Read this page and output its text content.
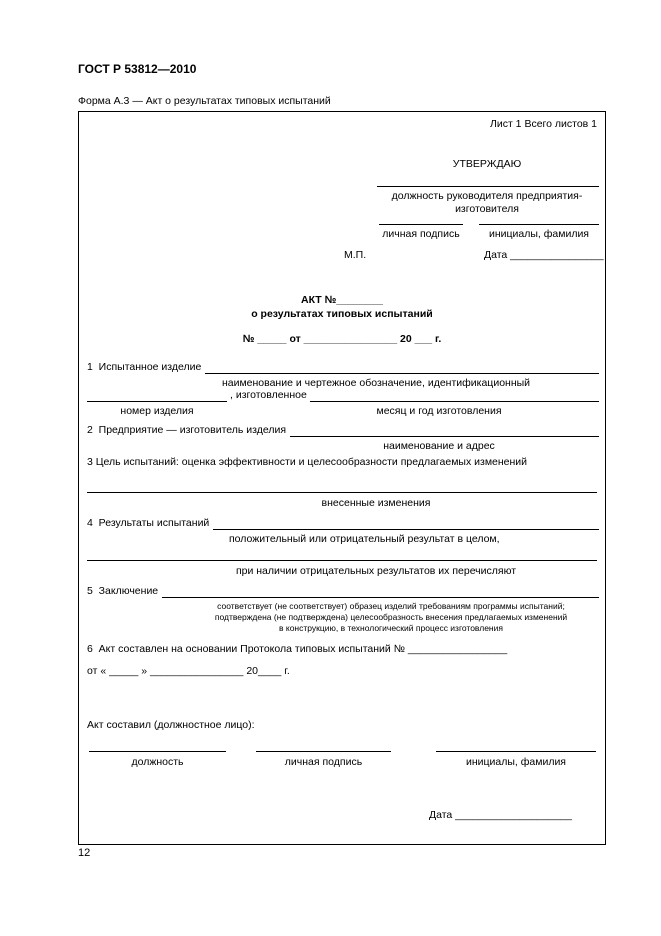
ГОСТ Р 53812—2010
Форма А.3 — Акт о результатах типовых испытаний
Лист 1 Всего листов 1
УТВЕРЖДАЮ
должность руководителя предприятия-изготовителя
личная подпись	инициалы, фамилия
М.П.	Дата ________________
АКТ №________
о результатах типовых испытаний
№ _____ от ________________ 20 ___ г.
1  Испытанное изделие
наименование и чертежное обозначение, идентификационный
, изготовленное
номер изделия	месяц и год изготовления
2  Предприятие — изготовитель изделия
наименование и адрес
3 Цель испытаний: оценка эффективности и целесообразности предлагаемых изменений
внесенные изменения
4  Результаты испытаний
положительный или отрицательный результат в целом,
при наличии отрицательных результатов их перечисляют
5  Заключение
соответствует (не соответствует) образец изделий требованиям программы испытаний;
подтверждена (не подтверждена) целесообразность внесения предлагаемых изменений
в конструкцию, в технологический процесс изготовления
6  Акт составлен на основании Протокола типовых испытаний № _________________
от « _____ » ________________ 20____ г.
Акт составил (должностное лицо):
должность	личная подпись	инициалы, фамилия
Дата ____________________
12
